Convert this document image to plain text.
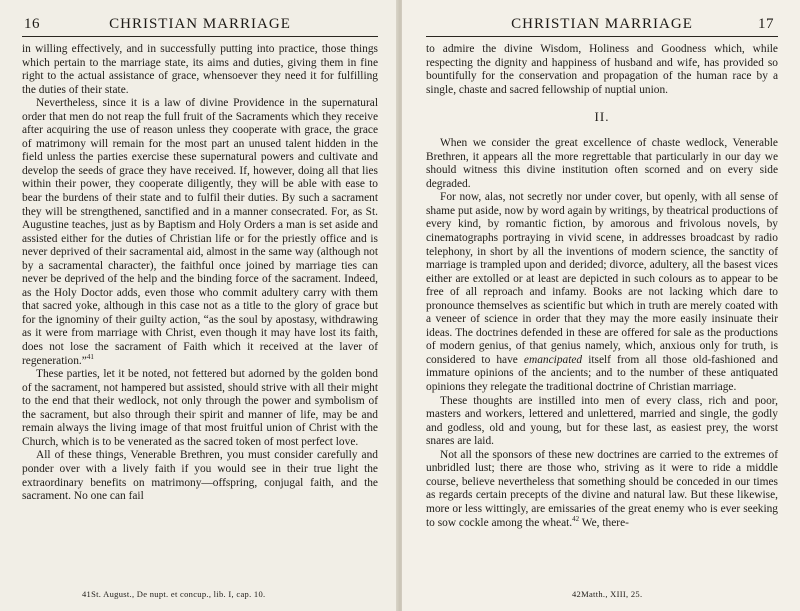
16	CHRISTIAN MARRIAGE

in willing effectively, and in successfully putting into practice, those things which pertain to the marriage state, its aims and duties, giving them in fine right to the actual assistance of grace, whensoever they need it for fulfilling the duties of their state.

Nevertheless, since it is a law of divine Providence in the supernatural order that men do not reap the full fruit of the Sacraments which they receive after acquiring the use of reason unless they cooperate with grace, the grace of matrimony will remain for the most part an unused talent hidden in the field unless the parties exercise these supernatural powers and cultivate and develop the seeds of grace they have received. If, however, doing all that lies within their power, they cooperate diligently, they will be able with ease to bear the burdens of their state and to fulfil their duties. By such a sacrament they will be strengthened, sanctified and in a manner consecrated. For, as St. Augustine teaches, just as by Baptism and Holy Orders a man is set aside and assisted either for the duties of Christian life or for the priestly office and is never deprived of their sacramental aid, almost in the same way (although not by a sacramental character), the faithful once joined by marriage ties can never be deprived of the help and the binding force of the sacrament. Indeed, as the Holy Doctor adds, even those who commit adultery carry with them that sacred yoke, although in this case not as a title to the glory of grace but for the ignominy of their guilty action, “as the soul by apostasy, withdrawing as it were from marriage with Christ, even though it may have lost its faith, does not lose the sacrament of Faith which it received at the laver of regeneration.”$^{41}$

These parties, let it be noted, not fettered but adorned by the golden bond of the sacrament, not hampered but assisted, should strive with all their might to the end that their wedlock, not only through the power and symbolism of the sacrament, but also through their spirit and manner of life, may be and remain always the living image of that most fruitful union of Christ with the Church, which is to be venerated as the sacred token of most perfect love.

All of these things, Venerable Brethren, you must consider carefully and ponder over with a lively faith if you would see in their true light the extraordinary benefits on matrimony—offspring, conjugal faith, and the sacrament. No one can fail

41St. August., De nupt. et concup., lib. I, cap. 10.
CHRISTIAN MARRIAGE	17

to admire the divine Wisdom, Holiness and Goodness which, while respecting the dignity and happiness of husband and wife, has provided so bountifully for the conservation and propagation of the human race by a single, chaste and sacred fellowship of nuptial union.

II.

When we consider the great excellence of chaste wedlock, Venerable Brethren, it appears all the more regrettable that particularly in our day we should witness this divine institution often scorned and on every side degraded.

For now, alas, not secretly nor under cover, but openly, with all sense of shame put aside, now by word again by writings, by theatrical productions of every kind, by romantic fiction, by amorous and frivolous novels, by cinematographs portraying in vivid scene, in addresses broadcast by radio telephony, in short by all the inventions of modern science, the sanctity of marriage is trampled upon and derided; divorce, adultery, all the basest vices either are extolled or at least are depicted in such colours as to appear to be free of all reproach and infamy. Books are not lacking which dare to pronounce themselves as scientific but which in truth are merely coated with a veneer of science in order that they may the more easily insinuate their ideas. The doctrines defended in these are offered for sale as the productions of modern genius, of that genius namely, which, anxious only for truth, is considered to have emancipated itself from all those old-fashioned and immature opinions of the ancients; and to the number of these antiquated opinions they relegate the traditional doctrine of Christian marriage.

These thoughts are instilled into men of every class, rich and poor, masters and workers, lettered and unlettered, married and single, the godly and godless, old and young, but for these last, as easiest prey, the worst snares are laid.

Not all the sponsors of these new doctrines are carried to the extremes of unbridled lust; there are those who, striving as it were to ride a middle course, believe nevertheless that something should be conceded in our times as regards certain precepts of the divine and natural law. But these likewise, more or less wittingly, are emissaries of the great enemy who is ever seeking to sow cockle among the wheat.$^{42}$ We, there-

42Matth., XIII, 25.
